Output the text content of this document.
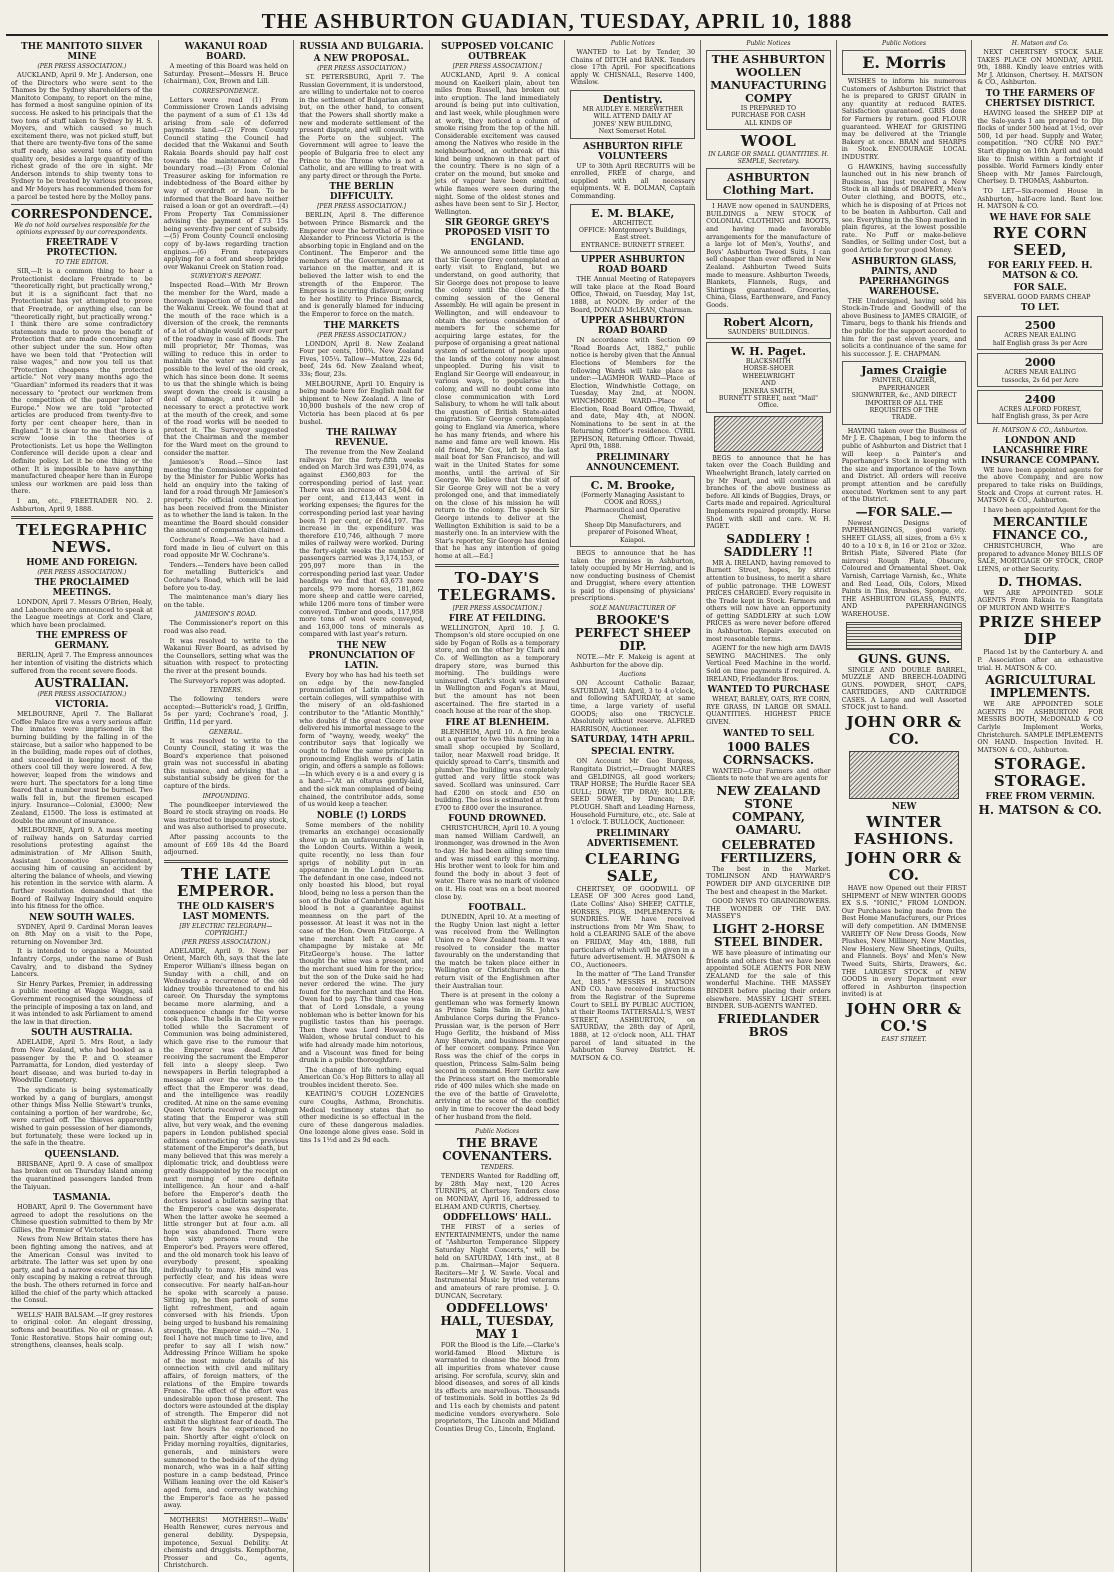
THE ASHBURTON GUADIAN, TUESDAY, APRIL 10, 1888
THE MANITOTO SILVER MINE
(PER PRESS ASSOCIATION.)

AUCKLAND, April 9. Mr J. Anderson, one of the Directors who were sent to the Thames by the Sydney shareholders of the Manitoto Company, to report on the mine, has formed a most sanguine opinion of its success. He asked to his principals that the two tons of stuff taken to Sydney by H. S. Moyers, and which caused so much excitement there, was not picked stuff, but that there are twenty-five tons of the same stuff ready, also several tons of medium quality ore, besides a large quantity of the richest grade of the ore in sight. Mr Anderson intends to ship twenty tons to Sydney to be treated by various processes, and Mr Moyers has recommended them for a parcel be tested here by the Molloy pans.

CORRESPONDENCE.
We do not hold ourselves responsible for the opinions expressed by our correspondents.
FREETRADE V PROTECTION.
TO THE EDITOR.

SIR,—It is a common thing to hear a Protectionist declare Freetrade to be "theoretically right, but practically wrong," but it is a significant fact that no Protectionist has yet attempted to prove that Freetrade, or anything else, can be "theoretically right, but practically wrong." I think there are some contradictory statements made to prove the benefit of Protection that are made concerning any other subject under the sun. How often have we been told that "Protection will raise wages," and now you tell us that "Protection cheapens the protected article." Not very many months ago the "Guardian" informed its readers that it was necessary to "protect our workmen from the competition of the pauper labor of Europe." Now we are told "protected articles are produced from twenty-five to forty per cent cheaper here, than in England." It is clear to me that there is a screw loose in the theories of Protectionists. Let us hope the Wellington Conference will decide upon a clear and definite policy. Let it be one thing or the other. It is impossible to have anything manufactured cheaper here than in Europe unless our workmen are paid less than there.

I am, etc., FREETRADER NO. 2. Ashburton, April 9, 1888.

TELEGRAPHIC NEWS.
HOME AND FOREIGN.
(PER PRESS ASSOCIATION.)
THE PROCLAIMED MEETINGS.

LONDON, April 7. Messrs O'Brien, Healy, and Labouchere are announced to speak at the League meetings at Cork and Clare, which have been proclaimed.

THE EMPRESS OF GERMANY.

BERLIN, April 7. The Empress announces her intention of visiting the districts which suffered from the recent severe floods.

AUSTRALIAN.
(PER PRESS ASSOCIATION.)
VICTORIA.

MELBOURNE, April 7. The Ballarat Coffee Palace fire was a very serious affair. The inmates were imprisoned in the burning building by the falling in of the staircase, but a sailor who happened to be in the building, made ropes out of clothes, and succeeded in keeping most of the others cool till they were lowered. A few, however, leaped from the windows and were hurt. The spectators for a long time feared that a number must be burned. Two walls fell in, but the firemen escaped injury. Insurance—Colonial, £3000; New Zealand, £1500. The loss is estimated at double the amount of insurance.

MELBOURNE, April 9. A mass meeting of railway hands on Saturday carried resolutions protesting against the administration of Mr Allison Smith, Assistant Locomotive Superintendent, accusing him of causing an accident by altering the balance of wheels, and viewing his retention in the service with alarm. A further resolution demanded that the Board of Railway Inquiry should enquire into his fitness for the office.

NEW SOUTH WALES.

SYDNEY, April 9. Cardinal Moran leaves on 8th May on a visit to the Pope, returning on November 3rd.

It is intended to organise a Mounted Infantry Corps, under the name of Bush Cavalry, and to disband the Sydney Lancers.

Sir Henry Parkes, Premier, in addressing a public meeting at Wagga Wagga, said Government recognised the soundness of the principle of imposing a tax on land, and it was intended to ask Parliament to amend the law in that direction.

SOUTH AUSTRALIA.

ADELAIDE, April 5. Mrs Rout, a lady from New Zealand, who had booked as a passenger by the P. and O. steamer Parramatta, for London, died yesterday of heart disease, and was buried to-day in Woodville Cemetery.

The syndicate is being systematically worked by a gang of burglars, amongst other things Miss Nellie Stewart's trunks, containing a portion of her wardrobe, &c, were carried off. The thieves apparently wished to gain possession of her diamonds, but fortunately, these were locked up in the safe in the theatre.

QUEENSLAND.

BRISBANE, April 9. A case of smallpox has broken out on Thursday Island among the quarantined passengers landed from the Taiyuan.

TASMANIA.

HOBART, April 9. The Government have agreed to adopt the resolutions on the Chinese question submitted to them by Mr Gillies, the Premier of Victoria.

News from New Britain states there has been fighting among the natives, and at the American Consul was invited to arbitrate. The latter was set upon by one party, and had a narrow escape of his life, only escaping by making a retreat through the bush. The others returned in force and killed the chief of the party which attacked the Consul.

WELLS' HAIR BALSAM.—If grey restores to original color. An elegant dressing, softens and beautifies. No oil or grease. A Tonic Restorative. Stops hair coming out; strengthens, cleanses, heals scalp.

WAKANUI ROAD BOARD.

A meeting of this Board was held on Saturday. Present—Messrs H. Bruce (chairman), Cox, Brown and Lill.

CORRESPONDENCE.

Letters were read (1) From Commissioner Crown Lands advising the payment of a sum of £1 13s 4d arising from sale of deferred payments land.—(2) From County Council stating the Council had decided that the Wakanui and South Rakaia Boards should pay half cost towards the maintenance of the boundary road.—(3) From Colonial Treasurer asking for information re indebtedness of the Board either by way of overdraft or loan. To be informed that the Board have neither raised a loan or got an overdraft.—(4) From Property Tax Commissioner advising the payment of £73 15s being seventy-five per cent of subsidy.—(5) From County Council enclosing copy of by-laws regarding traction engines.—(6) From ratepayers applying for a foot and sheep bridge over Wakanui Creek on Station road.

SURVEYOR'S REPORT.

Inspected Road—With Mr Brown the member for the Ward, made a thorough inspection of the road and the Wakanui Creek. We found that at the mouth of the race which is a diversion of the creek, the remnants of a lot of shingle would silt over part of the roadway in case of floods. The mill proprietor, Mr Thomas, was willing to reduce this in order to maintain the water as nearly as possible to the level of the old creek, which has since been done. It seems to us that the shingle which is being swept down the creek is causing a deal of damage, and it will be necessary to erect a protective work at the mouth of the creek, and some of the road works will be needed to protect it. The Surveyor suggested that the Chairman and the member for the Ward meet on the ground to consider the matter.

Jamieson's Road.—Since last meeting the Commissioner appointed by the Minister for Public Works has held an enquiry into the taking of land for a road through Mr Jamieson's property. No official communication has been received from the Minister as to whether the land is taken. In the meantime the Board should consider the amount of compensation claimed.

Cochrane's Road.—We have had a ford made in lieu of culvert on this road opposite Mr W. Cochrane's.

Tenders.—Tenders have been called for metalling Butterick's and Cochrane's Road, which will be laid before you to-day.

The maintenance man's diary lies on the table.

JAMIESON'S ROAD.

The Commissioner's report on this road was also read.

It was resolved to write to the Wakanui River Board, as advised by the Counsellors, setting what was the situation with respect to protecting the river at the present bounds.

The Surveyor's report was adopted.

TENDERS.

The following tenders were accepted:—Butterick's road, J. Griffin, 5s per yard; Cochrane's road, J. Griffin, 11d per yard.

GENERAL.

It was resolved to write to the County Council, stating it was the Board's experience that poisoned grain was not successful in abating this nuisance, and advising that a substantial subsidy be given for the capture of the birds.

IMPOUNDING.

The poundkeeper interviewed the Board re stock straying on roads. He was instructed to impound any stock, and was also authorised to prosecute.

After passing accounts to the amount of £69 18s 4d the Board adjourned.

THE LATE EMPEROR.
THE OLD KAISER'S LAST MOMENTS.
[BY ELECTRIC TELEGRAPH—COPYRIGHT.]
(PER PRESS ASSOCIATION.)

ADELAIDE, April 9. News per Orient, March 6th, says that the late Emperor William's illness began on Sunday with a chill, and on Wednesday a recurrence of the old kidney trouble threatened to end his career. On Thursday the symptoms became more alarming, and a consequence change for the worse took place. The bells in the City were tolled while the Sacrament of Communion was being administered, which gave rise to the rumour that the Emperor was dead. After receiving the sacrament the Emperor fell into a sleepy sleep. Two newspapers in Berlin telegraphed a message all over the world to the effect that the Emperor was dead, and the intelligence was readily credited. At nine on the same evening Queen Victoria received a telegram stating that the Emperor was still alive, but very weak, and the evening papers in London published special editions contradicting the previous statement of the Emperor's death, but many believed that this was merely a diplomatic trick, and doubtless were greatly disappointed by the receipt on next morning of more definite intelligence. An hour and a-half before the Emperor's death the doctors issued a bulletin saying that the Emperor's case was desperate. When the latter awoke he seemed a little stronger but at four a.m. all hope was abandoned. There were then sixty persons round the Emperor's bed. Prayers were offered, and the old monarch took his leave of everybody present, speaking individually to many. His mind was perfectly clear, and his ideas were consecutive. For nearly half-an-hour he spoke with scarcely a pause. Sitting up, he then partook of some light refreshment, and again conversed with his friends. Upon being urged to husband his remaining strength, the Emperor said:—"No. I feel I have not much time to live, and prefer to say all I wish now." Addressing Prince William he spoke of the most minute details of his connection with civil and military affairs, of foreign matters, of the relations of the Empire towards France. The effect of the effort was undesirable upon those present. The doctors were astounded at the display of strength. The Emperor did not exhibit the slightest fear of death. The last few hours he experienced no pain. Shortly after eight o'clock on Friday morning royalties, dignitaries, generals, and ministers were summoned to the bedside of the dying monarch, who was in a half sitting posture in a camp bedstead, Prince William leaning over the old Kaiser's aged form, and correctly watching the Emperor's face as he passed away.

MOTHERS! MOTHERS!!—Wells' Health Renewer, cures nervous and general debility. Dyspepsia, impotence, Sexual Debility. At chemists and druggists. Kempthorne, Prosser and Co., agents, Christchurch.

RUSSIA AND BULGARIA.
A NEW PROPOSAL.
(PER PRESS ASSOCIATION.)

ST. PETERSBURG, April 7. The Russian Government, it is understood, are willing to undertake not to coerce in the settlement of Bulgarian affairs, but, on the other hand, to consent that the Powers shall shortly make a new and moderate settlement of the present dispute, and will consult with the Porte on the subject. The Government will agree to leave the people of Bulgaria free to elect any Prince to the Throne who is not a Catholic, and are willing to treat with any party direct or through the Porte.

THE BERLIN DIFFICULTY.
[PER PRESS ASSOCIATION.]

BERLIN, April 8. The difference between Prince Bismarck and the Emperor over the betrothal of Prince Alexander to Princess Victoria is the absorbing topic in England and on the Continent. The Emperor and the members of the Government are at variance on the matter, and it is believed the latter wish to end the strength of the Emperor. The Empress is incurring disfavour, owing to her hostility to Prince Bismarck, and is generally blamed for inducing the Emperor to force on the match.

THE MARKETS
(PER PRESS ASSOCIATION.)

LONDON, April 8. New Zealand Four per cents, 100¾. New Zealand Fives, 105¼. Tallow—Mutton, 22s 6d; beef, 24s 6d. New Zealand wheat, 33s; flour, 23s.

MELBOURNE, April 10. Enquiry is being made here for English malt for shipment to New Zealand. A line of 10,000 bushels of the new crop of Victoria has been placed at 6s per bushel.

THE RAILWAY REVENUE.

The revenue from the New Zealand railways for the forty-fifth weeks ended on March 3rd was £391,074, as against £360,803 for the corresponding period of last year. There was an increase of £4,504. 6d per cent, and £13,443 went in working expenses; the figures for the corresponding period last year having been 71 per cent, or £644,197. The increase in the expenditure was therefore £10,746, although 7 more miles of railway were worked. During the forty-eight weeks the number of passengers carried was 3,174,153, or 295,097 more than in the corresponding period last year. Under headings we find that 63,673 more parcels, 979 more horses, 181,862 more sheep and cattle were carried, while 1206 more tons of timber were conveyed. Timber and goods, 117,958 more tons of wool were conveyed, and 163,000 tons of minerals as compared with last year's return.

THE NEW PRONUNCIATION OF LATIN.

Every boy who has had his teeth set on edge by the new-fangled pronunciation of Latin adopted in certain colleges, will sympathise with the misery of an old-fashioned contributor to the "Atlantic Monthly," who doubts if the great Cicero ever delivered his immortal message to the form of "wayny, weedy, weeky" the contributor says that logically we ought to follow the same principle in pronouncing English words of Latin origin, and offers a sample as follows:—In which every e is a and every g is a hard:—"At an oltarus gently-laid, and the sick man complained of being chained, the contributor adds, some of us would keep a teacher.

NOBLE (!) LORDS

Some members of the nobility (remarks an exchange) occasionally show up in an unfavourable light in the London Courts. Within a week, quite recently, no less than four sprigs of nobility put in an appearance in the London Courts. The defendant in one case, indeed not only boasted his blood, but royal blood, being no less a person than the son of the Duke of Cambridge. But his blood is not a guarantee against meanness on the part of the possessor. At least it was not in the case of the Hon. Owen FitzGeorge. A wine merchant left a case of champagne by mistake at Mr. FitzGeorge's house. The latter thought the wine was a present, and the merchant sued him for the price; but the son of the Duke said he had never ordered the wine. The jury found for the merchant and the Hon. Owen had to pay. The third case was that of Lord Lonsdale, a young nobleman who is better known for his pugilistic tastes than his peerage. Then there was Lord Howard de Walden, whose brutal conduct to his wife had already made him notorious, and a Viscount was fined for being drunk in a public thoroughfare.

The change of life nothing equal American Co.'s Hop Bitters to allay all troubles incident thereto. See.

KEATING'S COUGH LOZENGES cure Coughs, Asthma, Bronchitis. Medical testimony states that no other medicine is so effectual in the cure of these dangerous maladies. One lozenge alone gives ease. Sold in tins 1s 1½d and 2s 9d each.

SUPPOSED VOLCANIC OUTBREAK
[PER PRESS ASSOCIATION.]

AUCKLAND, April 9. A conical mound on Kaeikeri plain, about ten miles from Russell, has broken out into eruption. The land immediately around is being put into cultivation, and last week, while ploughmen were at work, they noticed a column of smoke rising from the top of the hill. Considerable excitement was caused among the Natives who reside in the neighbourhood, an outbreak of this kind being unknown in that part of the country. There is no sign of a crater on the mound, but smoke and jets of vapour have been emitted, while flames were seen during the night. Some of the oldest stones and ashes have been sent to Sir J. Hector, Wellington.

SIR GEORGE GREY'S PROPOSED VISIT TO ENGLAND.

We announced some little time ago that Sir George Grey contemplated an early visit to England, but we understand, on good authority, that Sir George does not propose to leave the colony until the close of the coming session of the General Assembly. He will again be present in Wellington, and will endeavour to obtain the serious consideration of members for the scheme for acquiring large estates, for the purpose of organising a great national system of settlement of people upon the lands of the colony now almost unpeopled. During his visit to England Sir George will endeavour, in various ways, to popularise the colony, and will no doubt come into close communication with Lord Salisbury, to whom he will talk about the question of British State-aided emigration. Sir George contemplates going to England via America, where he has many friends, and where his name and fame are well known. His old friend, Mr Cox, left by the last mail boat for San Francisco, and will wait in the United States for some months, until the arrival of Sir George. We believe that the visit of Sir George Grey will not be a very prolonged one, and that immediately on the close of his mission he will return to the colony. The speech Sir George intends to deliver at the Wellington Exhibition is said to be a masterly one. In an interview with the Star's reporter, Sir George has denied that he has any intention of going home at all.—Ed.]

TO-DAY'S TELEGRAMS.
[PER PRESS ASSOCIATION.]
FIRE AT FEILDING.

WELLINGTON, April 10. J. G. Thompson's old store occupied on one side by Fogan of Rolls as a temporary store, and on the other by Clark and Co. of Wellington as a temporary drapery store, was burned this morning. The buildings were uninsured. Clark's stock was insured in Wellington and Fogan's at Maui, but the amount has not been ascertained. The fire started in a coach house at the rear of the shop.

FIRE AT BLENHEIM.

BLENHEIM, April 10. A fire broke out a quarter to two this morning in a small shop occupied by Scollard, tailor, near Maxwell road bridge. It quickly spread to Carr's, tinsmith and plumber. The building was completely gutted and very little stock was saved. Scollard was uninsured. Carr had £200 on stock and £50 on building. The loss is estimated at from £700 to £800 over the insurance.

FOUND DROWNED.

CHRISTCHURCH, April 10. A young man named William Cardwell, an ironmonger, was drowned in the Avon to-day. He had been ailing some time and was missed early this morning. His brother went to look for him and found the body in about 3 feet of water. There was no mark of violence on it. His coat was on a boat moored close by.

FOOTBALL.

DUNEDIN, April 10. At a meeting of the Rugby Union last night a letter was received from the Wellington Union re a New Zealand team. It was resolved to consider the matter favourably on the understanding that the match be taken place either in Wellington or Christchurch on the return visit of the Englishmen after their Australian tour.

There is at present in the colony a gentleman who was formerly known as Prince Salm Salm in St. John's Ambulance Corps during the Franco-Prussian war, is the person of Herr Hugo Gerlitz, the husband of Miss Amy Sherwin, and business manager of her concert company. Prince Von Ross was the chief of the corps in question, Princess Salm-Salm being second in command. Herr Gerlitz saw the Princess start on the memorable ride of 400 miles which she made on the eve of the battle of Gravelotte, arriving at the scene of the conflict only in time to recover the dead body of her husband from the field.

Public Notices
THE BRAVE COVENANTERS.
TENDERS.

TENDERS Wanted for Raddling off, by 28th May next, 120 Acres TURNIPS, at Chertsey. Tenders close on MONDAY, April 16, addressed to ELHAM AND CURTIS, Chertsey.

ODDFELLOWS' HALL.

THE FIRST of a series of ENTERTAINMENTS, under the name of "Ashburton Temperance Slippery Saturday Night Concerts," will be held on SATURDAY, 14th inst., at 8 p.m. Chairman—Major Sequera. Reciters—Mr J. W. Sawle. Vocal and Instrumental Music by tried veterans and amateurs of rare promise. J. O. DUNCAN, Secretary.

ODDFELLOWS' HALL, TUESDAY, MAY 1

FOR the Blood is the Life.—Clarke's world-famed Blood Mixture is warranted to cleanse the blood from all impurities from whatever cause arising. For scrofula, scurvy, skin and blood diseases, and sores of all kinds its effects are marvellous. Thousands of testimonials. Sold in bottles 2s 9d and 11s each by chemists and patent medicine vendors everywhere. Sole proprietors, The Lincoln and Midland Counties Drug Co., Lincoln, England.

Public Notices

WANTED to Let by Tender, 30 Chains of DITCH and BANK. Tenders close 17th April. For specifications apply W. CHISNALL, Reserve 1400, Winslow.

Dentistry.
MR AUDLEY E. MEREWETHER
WILL ATTEND DAILY AT
JONES' NEW BUILDING,
Next Somerset Hotel.
ASHBURTON RIFLE VOLUNTEERS

UP to 30th April RECRUITS will be enrolled, FREE of charge, and supplied with all necessary equipments. W. E. DOLMAN, Captain Commanding.

E. M. BLAKE,
ARCHITECT.
OFFICE: Montgomery's Buildings,
East street.
ENTRANCE: BURNETT STREET.
UPPER ASHBURTON ROAD BOARD

THE Annual Meeting of Ratepayers will take place at the Road Board Office, Thwaid, on Tuesday, May 1st, 1888, at NOON. By order of the Board, DONALD McLEAN, Chairman.

UPPER ASHBURTON ROAD BOARD

IN accordance with Section 69 "Road Boards Act, 1882," public notice is hereby given that the Annual Elections of Members for the following Wards will take place as under:—LAGMHOR WARD—Place of Election, Windwhistle Cottage, on Tuesday, May 2nd, at NOON. WINCHMORE WARD—Place of Election, Road Board Office, Thwaid, and date, May 4th, at NOON. Nominations to be sent in at the Returning Officer's residence. CYRIL JEPHSON, Returning Officer. Thwaid, April 9th, 1888.

PRELIMINARY ANNOUNCEMENT.
C. M. Brooke,
(Formerly Managing Assistant to COOK and ROSS,)
Pharmaceutical and Operative Chemist,
Sheep Dip Manufacturers, and preparer of Poisoned Wheat, Kaiapoi.

BEGS to announce that he has taken the premises in Ashburton, lately occupied by Mr Herring, and is now conducting business of Chemist and Druggist, where every attention is paid to dispensing of physicians' prescriptions.

SOLE MANUFACTURER OF
BROOKE'S PERFECT SHEEP DIP.

NOTE.—Mr F. Makeig is agent at Ashburton for the above dip.

Auctions

ON Account Catholic Bazaar, SATURDAY, 14th April, 3 to 4 o'clock, and following SATURDAY, at same time, a large variety of useful GOODS; also one TRICYCLE. Absolutely without reserve. ALFRED HARRISON, Auctioneer.

SATURDAY, 14TH APRIL.
SPECIAL ENTRY.

ON Account Mr Geo Burgess, Rangitata District,—Draught MARES and GELDINGS, all good workers; TRAP HORSE; The Hurdle Racer SEA GULL; DRAY; TIP DRAY; ROLLER; SEED SOWER, by Duncan; D.F. PLOUGH. Shaft and Leading Harness, Household Furniture, etc., etc. Sale at 1 o'clock. T. BULLOCK, Auctioneer.

PRELIMINARY ADVERTISEMENT.
CLEARING SALE,

CHERTSEY, OF GOODWILL OF LEASE OF 300 Acres good Land, (Late Collins' Also) SHEEP, CATTLE, HORSES, PIGS, IMPLEMENTS & SUNDRIES. WE have received instructions from Mr Wm Shaw, to hold a CLEARING SALE of the above on FRIDAY, May 4th, 1888, full particulars of which will be given in a future advertisement. H. MATSON & CO., Auctioneers.

In the matter of "The Land Transfer Act, 1885." MESSRS H. MATSON AND CO. have received instructions from the Registrar of the Supreme Court to SELL BY PUBLIC AUCTION, at their Rooms TATTERSALL'S, WEST STREET, ASHBURTON, on SATURDAY, the 28th day of April, 1888, at 12 o'clock noon, ALL THAT parcel of land situated in the Ashburton Survey District. H. MATSON & CO.

Public Notices
THE ASHBURTON WOOLLEN MANUFACTURING COMPY
IS PREPARED TO
PURCHASE FOR CASH
ALL KINDS OF
WOOL
IN LARGE OR SMALL QUANTITIES. H. SEMPLE, Secretary.
ASHBURTON Clothing Mart.

I HAVE now opened in SAUNDERS, BUILDINGS a NEW STOCK of COLONIAL CLOTHING and BOOTS, and having made favorable arrangements for the manufacture of a large lot of Men's, Youths', and Boys' Ashburton Tweed Suits, I can sell cheaper than ever offered in New Zealand. Ashburton Tweed Suits made to measure. Ashburton Tweeds, Blankets, Flannels, Rugs, and Shirtings guaranteed. Groceries, China, Glass, Earthenware, and Fancy Goods.

Robert Alcorn,
SAUNDERS' BUILDINGS.
W. H. Paget.
BLACKSMITH
HORSE-SHOER
WHEELWRIGHT
AND
JENERA SMITH,
BURNETT STREET, next "Mail" Office.

BEGS to announce that he has taken over the Coach Building and Wheelwright Branch, lately carried on by Mr Pearl, and will continue all branches of the above business as before. All kinds of Buggies, Drays, or Carts made and repaired. Agricultural Implements repaired promptly. Horse Shod with skill and care. W. H. PAGET.

SADDLERY ! SADDLERY !!

MR A. IRELAND, having removed to Burnett Street, hopes, by strict attention to business, to merit a share of public patronage. THE LOWEST PRICES CHARGED. Every requisite in the Trade kept in Stock. Farmers and others will now have an opportunity of getting SADDLERY at such LOW PRICES as were never before offered in Ashburton. Repairs executed on most reasonable terms.

AGENT for the new high arm DAVIS SEWING MACHINES. The only Vertical Feed Machine in the world. Sold on time payments if required. A. IRELAND, Friedlander Bros.

WANTED TO PURCHASE

WHEAT, BARLEY, OATS, RYE CORN, RYE GRASS, IN LARGE OR SMALL QUANTITIES. HIGHEST PRICE GIVEN.

WANTED TO SELL
1000 BALES CORNSACKS.

WANTED—Our Farmers and other Clients to note that we are agents for

NEW ZEALAND STONE COMPANY, OAMARU.
CELEBRATED FERTILIZERS,

The best in the Market. TOMLINSON AND HAYWARD'S POWDER DIP AND GLYCERINE DIP. The best and cheapest in the Market.

GOOD NEWS TO GRAINGROWERS. THE WONDER OF THE DAY. MASSEY'S

LIGHT 2-HORSE STEEL BINDER.

WE have pleasure of intimating our friends and others that we have been appointed SOLE AGENTS FOR NEW ZEALAND for the sale of this wonderful Machine. THE MASSEY BINDER before placing their orders elsewhere. MASSEY LIGHT STEEL BINDER. SUB-AGENTS WANTED.

FRIEDLANDER BROS
Public Notices
E. Morris

WISHES to inform his numerous Customers of Ashburton District that he is prepared to GRIST GRAIN in any quantity at reduced RATES. Satisfaction guaranteed. GRIS done for Farmers by return. good FLOUR guaranteed. WHEAT for GRISTING may be delivered at the Triangle Bakery at once. BRAN and SHARPS in Stock. ENCOURAGE LOCAL INDUSTRY.

G HAWKINS, having successfully launched out in his new branch of Business, has just received a New Stock in all kinds of DRAPERY, Men's Outer clothing, and BOOTS, etc., which he is disposing of at Prices not to be beaten in Ashburton. Call and see. Everything in the Shop marked in plain figures, at the lowest possible rate. No Puff or make-believe Sandles, or Selling under Cost, but a good Article for your good Money.

ASHBURTON GLASS, PAINTS, AND PAPERHANGINGS WAREHOUSE.

THE Undersigned, having sold his Stock-in-Trade and Goodwill of the above Business to JAMES CRAIGIE, of Timaru, begs to thank his friends and the public for the support accorded to him for the past eleven years, and solicits a continuance of the same for his successor. J. E. CHAPMAN.

James Craigie
PAINTER, GLAZIER, PAPERHANGER
SIGNWRITER, &c., AND DIRECT
IMPORTER OF ALL THE
REQUISITES OF THE
TRADE.

HAVING taken over the Business of Mr J. E. Chapman, I beg to inform the public of Ashburton and District that I will keep a Painter's and Paperhanger's Stock in keeping with the size and importance of the Town and District. All orders will receive prompt attention and be carefully executed. Workmen sent to any part of the District.

—FOR SALE.—

Newest Designs of PAPERHANGINGS, good variety. SHEET GLASS, all sizes, from a 6½ x 40 to a 10 x 8, in 16 or 21oz or 32oz. British Plate, Silvered Plate (for mirrors) Rough Plate, Obscure, Coloured and Ornamental Sheet. Oak Varnish, Carriage Varnish, &c., White and Red Lead, Oils, Colors, Mixed Paints in Tins, Brushes, Sponge, etc. THE ASHBURTON GLASS, PAINTS, AND PAPERHANGINGS WAREHOUSE.

GUNS. GUNS.

SINGLE AND DOUBLE BARREL, MUZZLE AND BREECH-LOADING GUNS. POWDER, SHOT, CAPS, CARTRIDGES, AND CARTRIDGE CASES. A Large and well Assorted STOCK just to hand.

JOHN ORR & CO.
NEW
WINTER FASHIONS.
JOHN ORR & CO.

HAVE now Opened out their FIRST SHIPMENT of NEW WINTER GOODS EX S.S. "IONIC," FROM LONDON. Our Purchases being made from the Best Home Manufacturers, our Prices will defy competition. AN IMMENSE VARIETY OF New Dress Goods, New Plushes, New Millinery, New Mantles, New Hosiery, New Sheetings, Quilts, and Flannels. Boys' and Men's New Tweed Suits, Shirts, Drawers, &c. THE LARGEST STOCK of NEW GOODS in every Department ever offered in Ashburton (inspection invited) is at

JOHN ORR & CO.'S
EAST STREET.
H. Matson and Co.

NEXT CHERTSEY STOCK SALE TAKES PLACE ON MONDAY, APRIL 9th, 1888. Kindly leave entries with Mr J. Atkinson, Chertsey. H. MATSON & CO., Ashburton.

TO THE FARMERS OF CHERTSEY DISTRICT.

HAVING leased the SHEEP DIP at the Sale-yards I am prepared to Dip flocks of under 500 head at 1½d, over 500, 1d per head. Supply and Water, competition. "NO CURE NO PAY." Start dipping on 16th April and would like to finish within a fortnight if possible. World Farmers kindly enter Sheep with Mr James Fairclough, Chertsey. D. THOMAS, Ashburton.

TO LET—Six-roomed House in Ashburton, half-acre land. Rent low. H. MATSON & CO.

WE HAVE FOR SALE
RYE CORN SEED,
FOR EARLY FEED. H. MATSON & CO.
FOR SALE.

SEVERAL GOOD FARMS CHEAP

TO LET.
2500
ACRES NEAR EALING
half English grass 3s per Acre
2000
ACRES NEAR EALING
tussocks, 2s 6d per Acre
2400
ACRES ALFORD FOREST,
half English grass, 3s per Acre
H. MATSON & CO., Ashburton.
LONDON AND LANCASHIRE FIRE INSURANCE COMPANY.

WE have been appointed agents for the above Company, and are now prepared to take risks on Buildings, Stock and Crops at current rates. H. MATSON & CO., Ashburton.

I have been appointed Agent for the

MERCANTILE FINANCE CO.,

CHRISTCHURCH, Who are prepared to advance Money BILLS OF SALE, MORTGAGE OF STOCK, CROP LIENS, or other Security.

D. THOMAS.

WE ARE APPOINTED SOLE AGENTS From Rakaia to Rangitata OF MURTON AND WHITE'S

PRIZE SHEEP DIP

Placed 1st by the Canterbury A. and P. Association after an exhaustive trial. H. MATSON & CO.

AGRICULTURAL IMPLEMENTS.

WE ARE APPOINTED SOLE AGENTS IN ASHBURTON FOR MESSRS BOOTH, McDONALD & CO Carlyle Implement Works, Christchurch. SAMPLE IMPLEMENTS ON HAND. Inspection Invited. H. MATSON & CO., Ashburton.

STORAGE. STORAGE.
FREE FROM VERMIN.
H. MATSON & CO.
